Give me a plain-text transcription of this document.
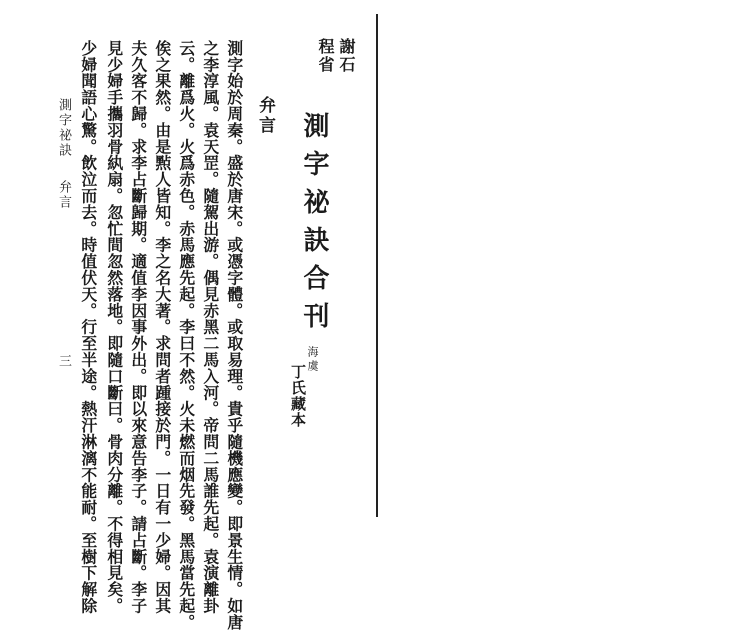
弁言
測字始於周秦。盛於唐宋。或憑字體。或取易理。貴乎隨機應變。即景生情。如唐
之李淳風。袁天罡。隨駕出游。偶見赤黑二馬入河。帝問二馬誰先起。袁演離卦
云。離爲火。火爲赤色。赤馬應先起。李曰不然。火未燃而烟先發。黑馬當先起。
俟之果然。由是㸃人皆知。李之名大著。求問者踵接於門。一日有一少婦。因其
夫久客不歸。求李占斷歸期。適值李因事外出。即以來意告李子。請占斷。李子
見少婦手攜羽骨紈扇。忽忙間忽然落地。即隨口斷曰。骨肉分離。不得相見矣。
少婦聞語心驚。飲泣而去。時值伏天。行至半途。熱汗淋漓不能耐。至樹下解除
測字祕訣
弁言
三
謝石
程省
測字祕訣合刊
海虞
丁氏藏本
